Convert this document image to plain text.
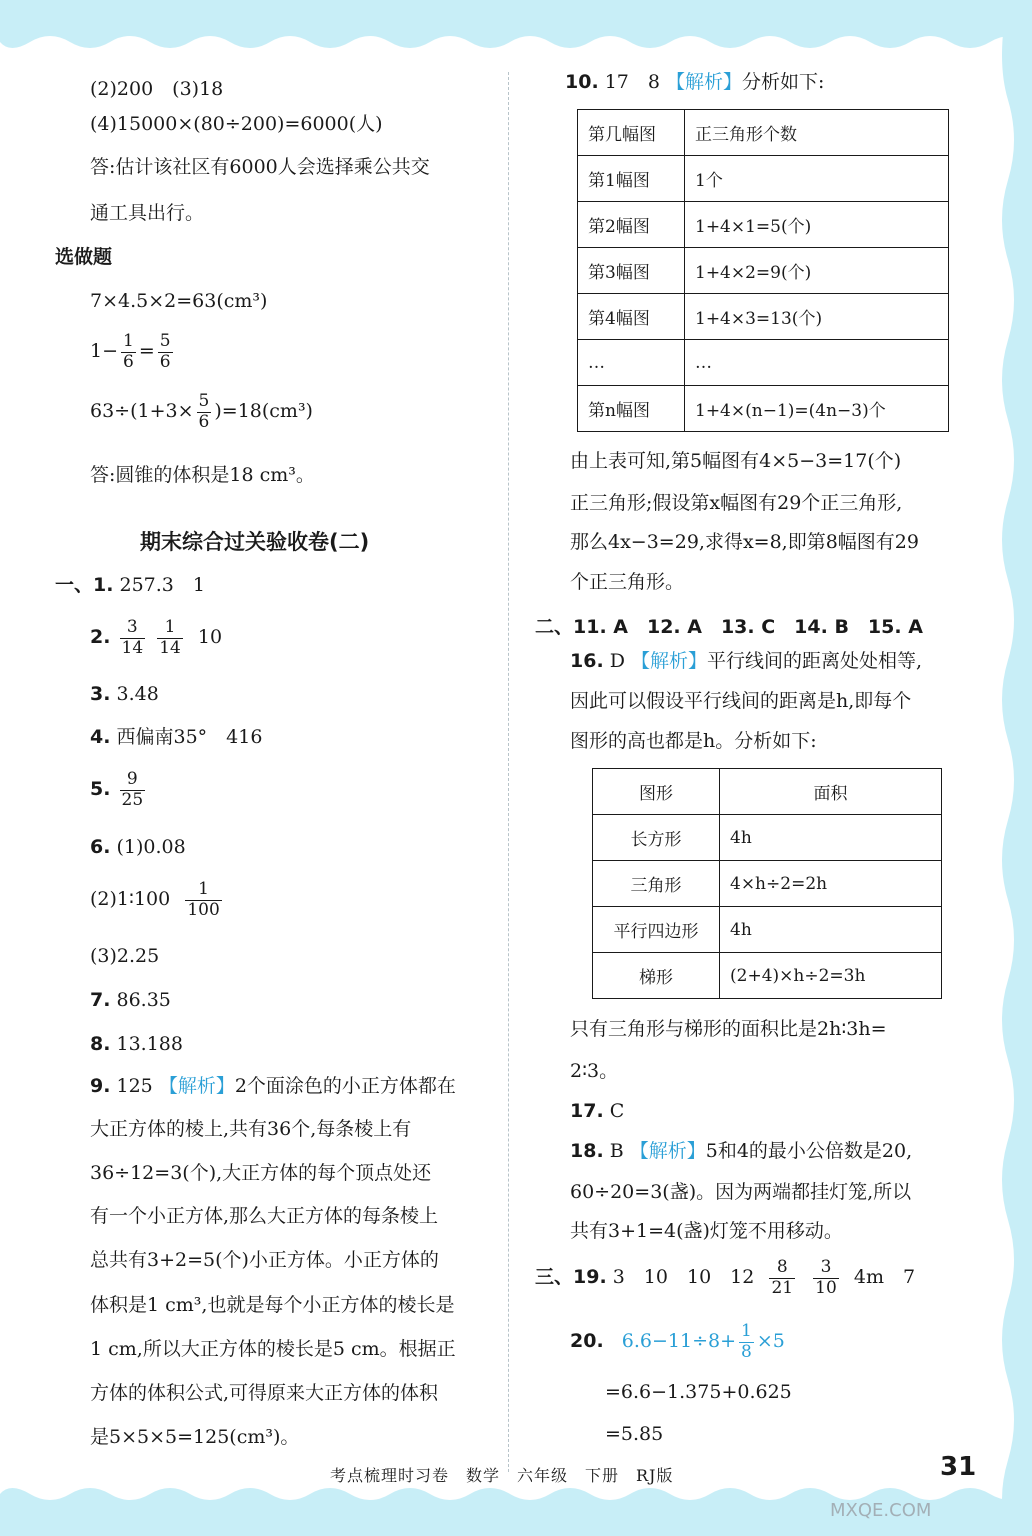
(2)200　(3)18
(4)15000×(80÷200)=6000(人)
答:估计该社区有6000人会选择乘公共交
通工具出行。
选做题
7×4.5×2=63(cm³)
$1- \frac{1}{6} = \frac{5}{6}$
$63\div(1+3\times \frac{5}{6} )=18(cm^3)$
答:圆锥的体积是18 cm³。
期末综合过关验收卷(二)
一、1. 257.3　1
2. $\frac{3}{14}$
$\frac{1}{14} 10$
3. 3.48
4. 西偏南35°　416
5. $\frac{9}{25}$
6. (1)0.08
(2)1∶100 $\frac{1}{100}$
(3)2.25
7. 86.35
8. 13.188
9. 125 【解析】2个面涂色的小正方体都在
大正方体的棱上,共有36个,每条棱上有
36÷12=3(个),大正方体的每个顶点处还
有一个小正方体,那么大正方体的每条棱上
总共有3+2=5(个)小正方体。小正方体的
体积是1 cm³,也就是每个小正方体的棱长是
1 cm,所以大正方体的棱长是5 cm。根据正
方体的体积公式,可得原来大正方体的体积
是5×5×5=125(cm³)。
10. 17　8 【解析】分析如下:
第几幅图	正三角形个数
第1幅图	1个
第2幅图	1+4×1=5(个)
第3幅图	1+4×2=9(个)
第4幅图	1+4×3=13(个)
…	…
第n幅图	1+4×(n−1)=(4n−3)个
由上表可知,第5幅图有4×5−3=17(个)
正三角形;假设第x幅图有29个正三角形,
那么4x−3=29,求得x=8,即第8幅图有29
个正三角形。
二、11. A　12. A　13. C　14. B　15. A
16. D 【解析】平行线间的距离处处相等,
因此可以假设平行线间的距离是h,即每个
图形的高也都是h。分析如下:
图形	面积
长方形	4h
三角形	4×h÷2=2h
平行四边形	4h
梯形	(2+4)×h÷2=3h
只有三角形与梯形的面积比是2h∶3h=
2∶3。
17. C
18. B 【解析】5和4的最小公倍数是20,
60÷20=3(盏)。因为两端都挂灯笼,所以
共有3+1=4(盏)灯笼不用移动。
三、19. 3　10　10　$12 \frac{8}{21}$
$\frac{3}{10} 4m$　7
20. $6.6-11\div 8+ \frac{1}{8} \times 5$
=6.6−1.375+0.625
=5.85
考点梳理时习卷　数学　六年级　下册　RJ版	31
MXQE.COM
